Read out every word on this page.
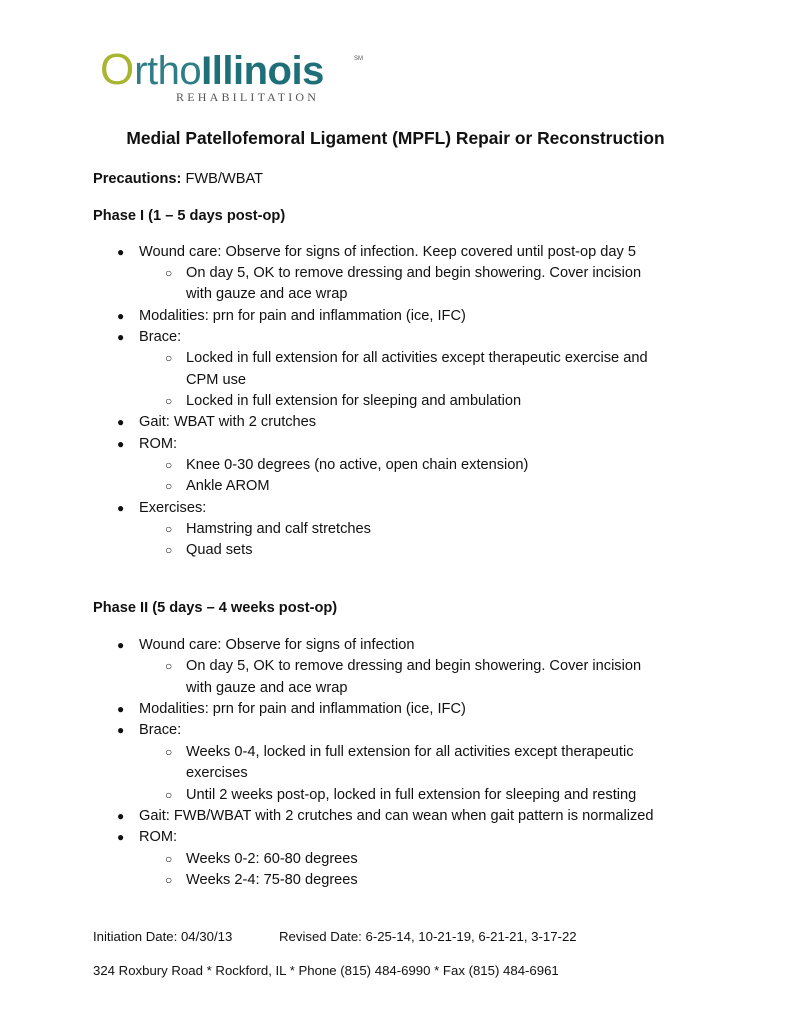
OrthoIllinois	SM
REHABILITATION
Medial Patellofemoral Ligament (MPFL) Repair or Reconstruction
Precautions: FWB/WBAT
Phase I (1 – 5 days post-op)
● Wound care: Observe for signs of infection. Keep covered until post-op day 5
○ On day 5, OK to remove dressing and begin showering. Cover incision
with gauze and ace wrap
● Modalities: prn for pain and inflammation (ice, IFC)
● Brace:
○ Locked in full extension for all activities except therapeutic exercise and
CPM use
○ Locked in full extension for sleeping and ambulation
● Gait: WBAT with 2 crutches
● ROM:
○ Knee 0-30 degrees (no active, open chain extension)
○ Ankle AROM
● Exercises:
○ Hamstring and calf stretches
○ Quad sets
Phase II (5 days – 4 weeks post-op)
● Wound care: Observe for signs of infection
○ On day 5, OK to remove dressing and begin showering. Cover incision
with gauze and ace wrap
● Modalities: prn for pain and inflammation (ice, IFC)
● Brace:
○ Weeks 0-4, locked in full extension for all activities except therapeutic
exercises
○ Until 2 weeks post-op, locked in full extension for sleeping and resting
● Gait: FWB/WBAT with 2 crutches and can wean when gait pattern is normalized
● ROM:
○ Weeks 0-2: 60-80 degrees
○ Weeks 2-4: 75-80 degrees
Initiation Date: 04/30/13	Revised Date: 6-25-14, 10-21-19, 6-21-21, 3-17-22
324 Roxbury Road * Rockford, IL * Phone (815) 484-6990 * Fax (815) 484-6961
